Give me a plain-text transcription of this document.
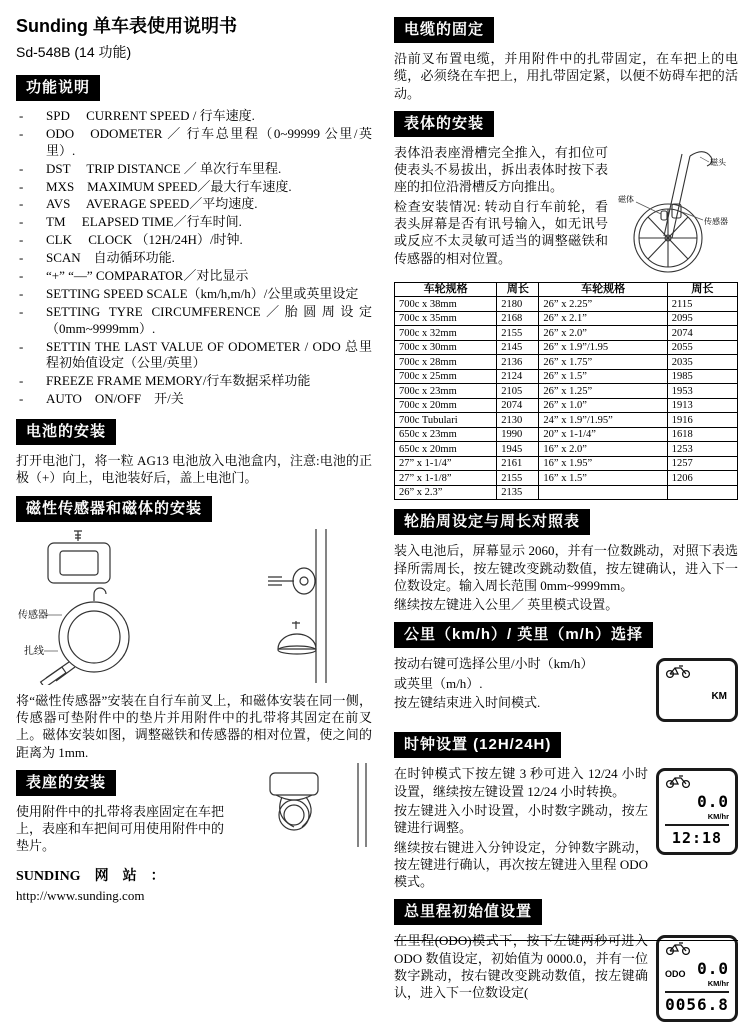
Sunding 单车表使用说明书
Sd-548B (14 功能)
功能说明
- SPD　 CURRENT SPEED / 行车速度.
- ODO　ODOMETER ／ 行车总里程（0~99999 公里/英里）.
- DST　 TRIP DISTANCE ／ 单次行车里程.
- MXS　MAXIMUM SPEED／最大行车速度.
- AVS　 AVERAGE SPEED／平均速度.
- TM　 ELAPSED TIME／行车时间.
- CLK　 CLOCK （12H/24H）/时钟.
- SCAN　自动循环功能.
- “+” “—” COMPARATOR／对比显示
- SETTING SPEED SCALE（km/h,m/h）/公里或英里设定
- SETTING TYRE CIRCUMFERENCE／胎圆周设定（0mm~9999mm）.
- SETTIN THE LAST VALUE OF ODOMETER / ODO 总里程初始值设定（公里/英里）
- FREEZE FRAME MEMORY/行车数据采样功能
- AUTO　ON/OFF　开/关
电池的安装

打开电池门，将一粒 AG13 电池放入电池盒内，注意:电池的正极（+）向上，电池装好后，盖上电池门。

磁性传感器和磁体的安装
传感器
扎线

将“磁性传感器”安装在自行车前叉上，和磁体安装在同一侧，传感器可垫附件中的垫片并用附件中的扎带将其固定在前叉上。磁体安装如图，调整磁铁和传感器的相对位置，使之间的距离为 1mm.

表座的安装

使用附件中的扎带将表座固定在车把上，表座和车把间可用使用附件中的垫片。

SUNDING　网　站　：

http://www.sunding.com

电缆的固定

沿前叉布置电缆，并用附件中的扎带固定，在车把上的电缆，必须绕在车把上，用扎带固定紧，以便不妨碍车把的活动。

表体的安装
磁头
磁体
传感器

表体沿表座滑槽完全推入，有扣位可使表头不易拔出，拆出表体时按下表座的扣位沿滑槽反方向推出。

检查安装情况: 转动自行车前轮，看表头屏幕是否有讯号输入，如无讯号或反应不太灵敏可适当的调整磁铁和传感器的相对位置。

车轮规格	周长	车轮规格	周长
700c x 38mm	2180	26” x 2.25”	2115
700c x 35mm	2168	26” x 2.1”	2095
700c x 32mm	2155	26” x 2.0”	2074
700c x 30mm	2145	26” x 1.9”/1.95	2055
700c x 28mm	2136	26” x 1.75”	2035
700c x 25mm	2124	26” x 1.5”	1985
700c x 23mm	2105	26” x 1.25”	1953
700c x 20mm	2074	26” x 1.0”	1913
700c Tubulari	2130	24” x 1.9”/1.95”	1916
650c x 23mm	1990	20” x 1-1/4”	1618
650c x 20mm	1945	16” x 2.0”	1253
27” x 1-1/4”	2161	16” x 1.95”	1257
27” x 1-1/8”	2155	16” x 1.5”	1206
26” x 2.3”	2135		
轮胎周设定与周长对照表

装入电池后，屏幕显示 2060，并有一位数跳动，对照下表选择所需周长，按左键改变跳动数值，按左键确认，进入下一位数设定。输入周长范围 0mm~9999mm。

继续按左键进入公里／ 英里模式设置。

公里（km/h）/ 英里（m/h）选择
KM

按动右键可选择公里/小时（km/h）

或英里（m/h）.

按左键结束进入时间模式.

时钟设置 (12H/24H)
0.0
KM/hr
12:18

在时钟模式下按左键 3 秒可进入 12/24 小时设置，继续按左键设置 12/24 小时转换。

按左键进入小时设置，小时数字跳动，按左键进行调整。

继续按右键进入分钟设定，分钟数字跳动，按左键进行确认，再次按左键进入里程 ODO 模式。

总里程初始值设置
ODO 0.0
KM/hr
0056.8

在里程(ODO)模式下，按下左键两秒可进入 ODO 数值设定，初始值为 0000.0，并有一位数字跳动，按右键改变跳动数值，按左键确认，进入下一位数设定(
